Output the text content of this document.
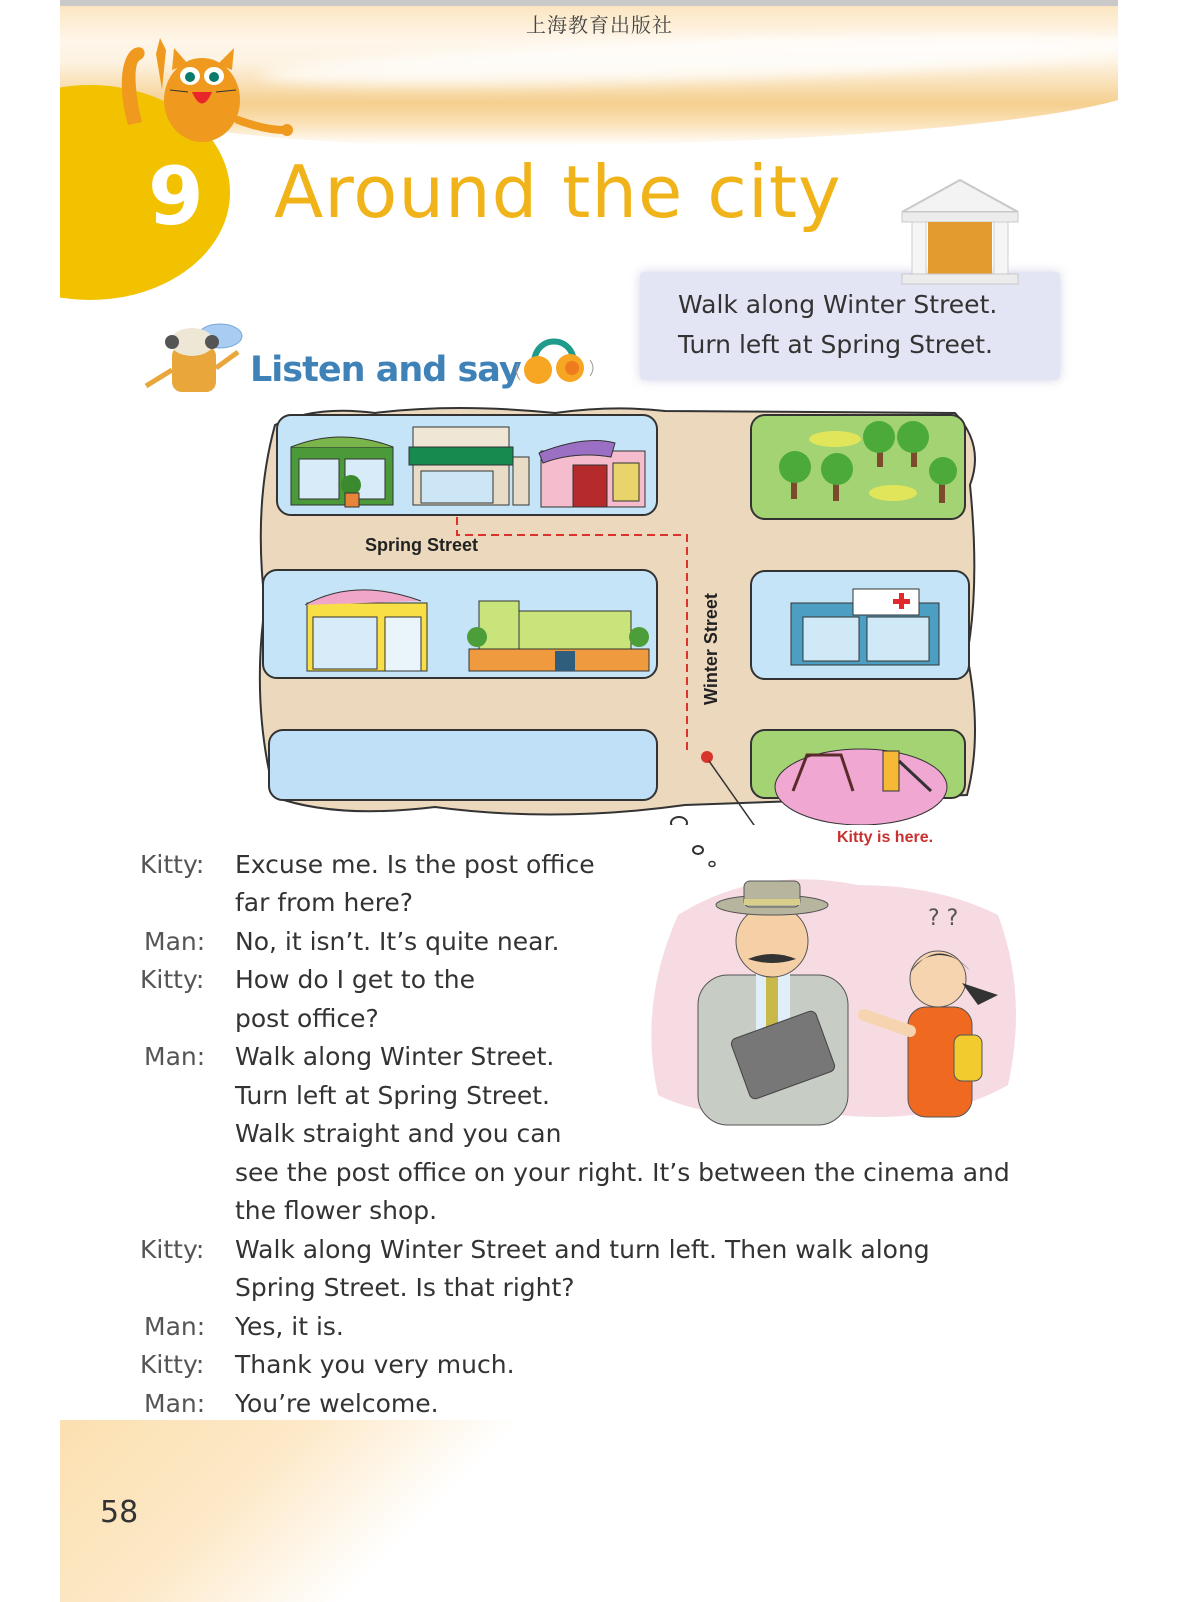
上海教育出版社
9 Around the city
Walk along Winter Street.
Turn left at Spring Street.
Listen and say
Spring Street
Winter Street
Kitty is here.
? ?
Kitty: Excuse me. Is the post office
far from here?
Man: No, it isn’t. It’s quite near.
Kitty: How do I get to the
post office?
Man: Walk along Winter Street.
Turn left at Spring Street.
Walk straight and you can
see the post office on your right. It’s between the cinema and
the flower shop.
Kitty: Walk along Winter Street and turn left. Then walk along
Spring Street. Is that right?
Man: Yes, it is.
Kitty: Thank you very much.
Man: You’re welcome.
58
